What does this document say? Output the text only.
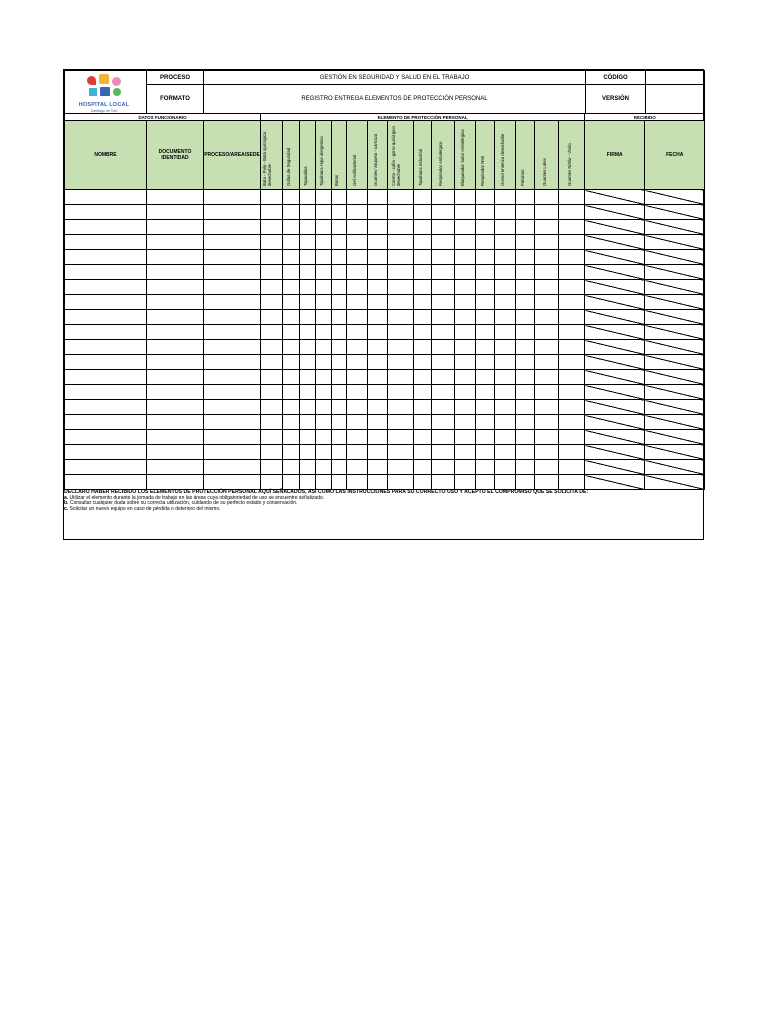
HOSPITAL LOCAL
Santiago de Tolú	PROCESO	GESTIÓN EN SEGURIDAD Y SALUD EN EL TRABAJO	CÓDIGO	
	FORMATO	REGISTRO ENTREGA ELEMENTOS DE PROTECCIÓN PERSONAL	VERSIÓN	
DATOS FUNCIONARIO			ELEMENTO DE PROTECCIÓN PERSONAL																RECIBIDO	
NOMBRE	DOCUMENTO IDENTIDAD	PROCESO/AREA/SEDE	Bata - Polo - Bata quirúrgica desechable	Gafas de Seguridad	Tapaoidos	Tapaboca Hipo alergenico	Botas	Gel Antibacterial	Guantes Vaqueta - carnaza	Careta - cofia - gorro quirúrgico desechable	Tapaboca Industrial	Respirador Antialérgico	Bloqueador Solar Antialérgico	Respirador N95	Overol enterizo desechable	Polainas	Guantes Látex	Guantes Nitrilo - Vinilo	FIRMA	FECHA

DECLARO HABER RECIBIDO LOS ELEMENTOS DE PROTECCIÓN PERSONAL AQUÍ SEÑALADOS, ASÍ COMO LAS INSTRUCCIONES PARA SU CORRECTO USO Y ACEPTO EL COMPROMISO QUE SE SOLICITA DE:
a. Utilizar el elemento durante la jornada de trabajo en las áreas cuya obligatoriedad de uso se encuentre señalizado.
b. Consultar cualquier duda sobre su correcta utilización, cuidando de su perfecto estado y conservación.
c. Solicitar un nuevo equipo en caso de pérdida o deterioro del mismo.
